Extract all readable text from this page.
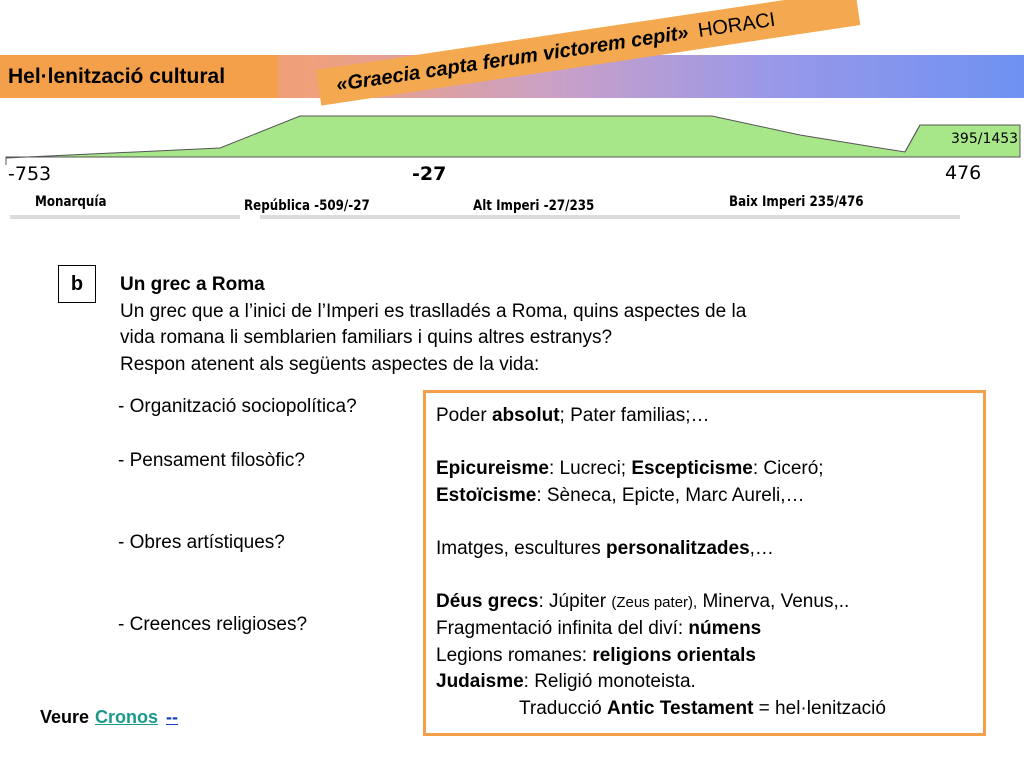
Hel·lenització cultural	«Graecia capta ferum victorem cepit» HORACI
-753	-27	476
Monarquía	República -509/-27	Alt Imperi -27/235	Baix Imperi 235/476
395/1453
b	Un grec a Roma
Un grec que a l’inici de l’Imperi es traslladés a Roma, quins aspectes de la
vida romana li semblarien familiars i quins altres estranys?
Respon atenent als següents aspectes de la vida:
- Organització sociopolítica?
- Pensament filosòfic?
- Obres artístiques?
- Creences religioses?
Poder absolut; Pater familias;…
Epicureisme: Lucreci; Escepticisme: Ciceró;
Estoïcisme: Sèneca, Epicte, Marc Aureli,…
Imatges, escultures personalitzades,…
Déus grecs: Júpiter (Zeus pater), Minerva, Venus,..
Fragmentació infinita del diví: númens
Legions romanes: religions orientals
Judaisme: Religió monoteista.
Traducció Antic Testament = hel·lenització
Veure Cronos --
